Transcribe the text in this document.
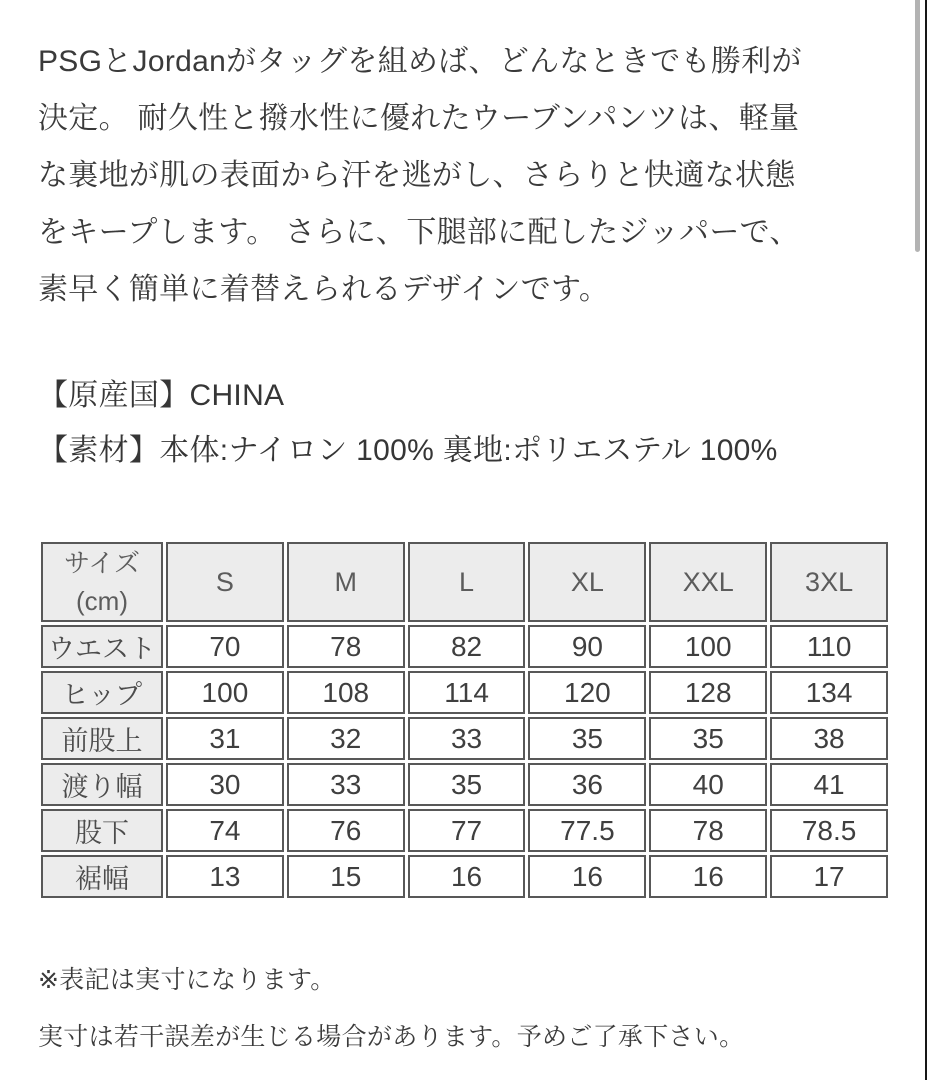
PSGとJordanがタッグを組めば、どんなときでも勝利が
決定。 耐久性と撥水性に優れたウーブンパンツは、軽量
な裏地が肌の表面から汗を逃がし、さらりと快適な状態
をキープします。 さらに、下腿部に配したジッパーで、
素早く簡単に着替えられるデザインです。
【原産国】CHINA
【素材】本体:ナイロン 100% 裏地:ポリエステル 100%
サイズ
(cm)	S	M	L	XL	XXL	3XL
ウエスト	70	78	82	90	100	110
ヒップ	100	108	114	120	128	134
前股上	31	32	33	35	35	38
渡り幅	30	33	35	36	40	41
股下	74	76	77	77.5	78	78.5
裾幅	13	15	16	16	16	17
※表記は実寸になります。
実寸は若干誤差が生じる場合があります。予めご了承下さい。
